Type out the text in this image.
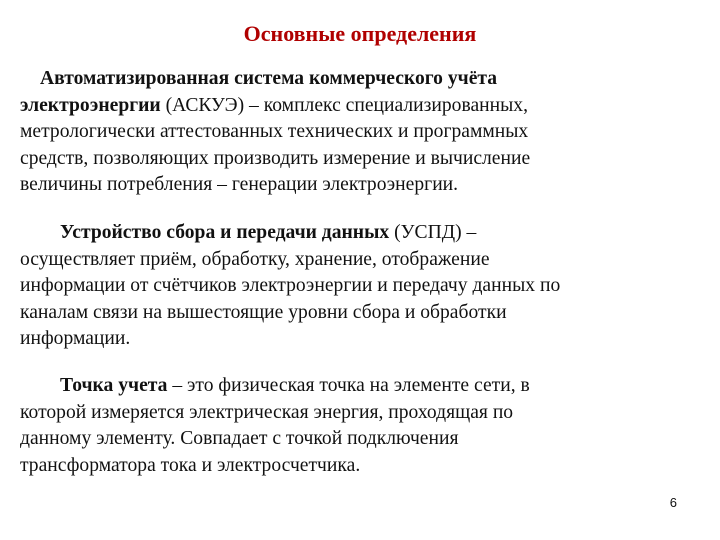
Основные определения
Автоматизированная система коммерческого учёта
электроэнергии (АСКУЭ) – комплекс специализированных,
метрологически аттестованных технических и программных
средств, позволяющих производить измерение и вычисление
величины потребления – генерации электроэнергии.
Устройство сбора и передачи данных (УСПД) –
осуществляет приём, обработку, хранение, отображение
информации от счётчиков электроэнергии и передачу данных по
каналам связи на вышестоящие уровни сбора и обработки
информации.
Точка учета – это физическая точка на элементе сети, в
которой измеряется электрическая энергия, проходящая по
данному элементу. Совпадает с точкой подключения
трансформатора тока и электросчетчика.
6
